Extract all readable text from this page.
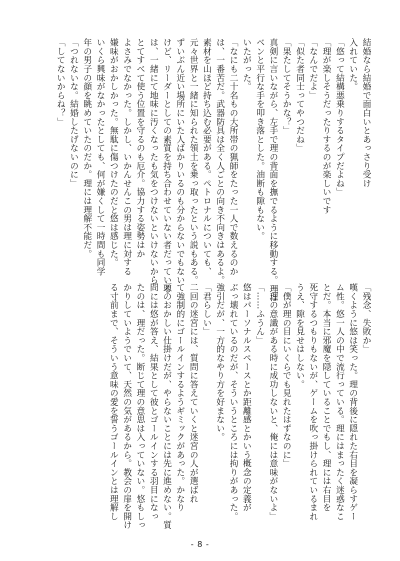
結婚なら結婚で面白いとあっさり受け
入れていた。
「悠って結構悪乗りするタイプだよね」
「理が楽しそうだったりするのが楽しいです
「なんでだよ」
「似た者同士ってやつだね」
「果たしてそうかな？」
真剣に言いながら、左手で理の背面を撫でるように移動する。理は
ベンと平行な手を叩き落とした。油断も隙もない。
いたがった。
「なにも二十名もの大所帯の猟師をたった一人で数えるのか
は、一番苦だ。武器防具は全く人ごとの向き不向きはあるよ。
素材を山ほど持ち込む必要がある。ペトロナルについても、
元々世界と一緒に知られた領土を乗っ取ったという説もある。
ずいぶん近い場所にいた人ばかりいるのも分からないでもない
けど、リーダーとしての素質を持ち合わせていない者だっている
は、一緒にて地味に汚くなったも気をつけないといけないから
とてすべて使う位置を守るのも厄介。協力する姿勢はか
よさみでなかった。しかし、いかんせんこの男は理に対する
嫌味がおかしかった。無駄に傷つけたのだと悠は感じた。
いくら興味がなかったとしても、何が嫌くして一時間も同学
年の男子の顔を眺めていたのだか。理には理解不能だ。
「つれないな。結婚したげないのに」
「してないからね？」
「残念、失敗か」
嘆くように悠は笑った。理の背後に隠れた右目を凝らすゲー
ム性。悠一人の中で流行っている。理にはまったく迷惑なこ
とだ。本当に邪魔を隠していることでもし、理には右目を
死守するつもりもないが、ゲームを吹っ掛けられているまれ
うえ、隙を見せはしない。
「僕が理の目にいくらでも見れたはずなのに」
「理の意識がある時に成功しないと、俺には意味がないよ」
「……ふうん」
悠はパーソナルスペースとか距離感とかいう概念の定義が
ぶっ壊れているのだが、そういうところには拘りがあった。
強引だが、一方的なやり方を好まない。
「君らしい」
二回の迷宮には、質問に答えていくと迷宮の人が選ばれ
て強制的にゴールインするようギミックがあった。かなり
頭のおかしい仕掛けだが、やらないことには先に進めない。質
問には悠が答え、結果として彼とゴールインする羽目になっ
たのは、理だった。断じて理の意思は入っていない。悠もしっ
かりしていようでいて、天然の気があるから。教会の扉を開け
る寸前まで、そういう意味の愛を誓うゴールインとは理解し
- 8 -
